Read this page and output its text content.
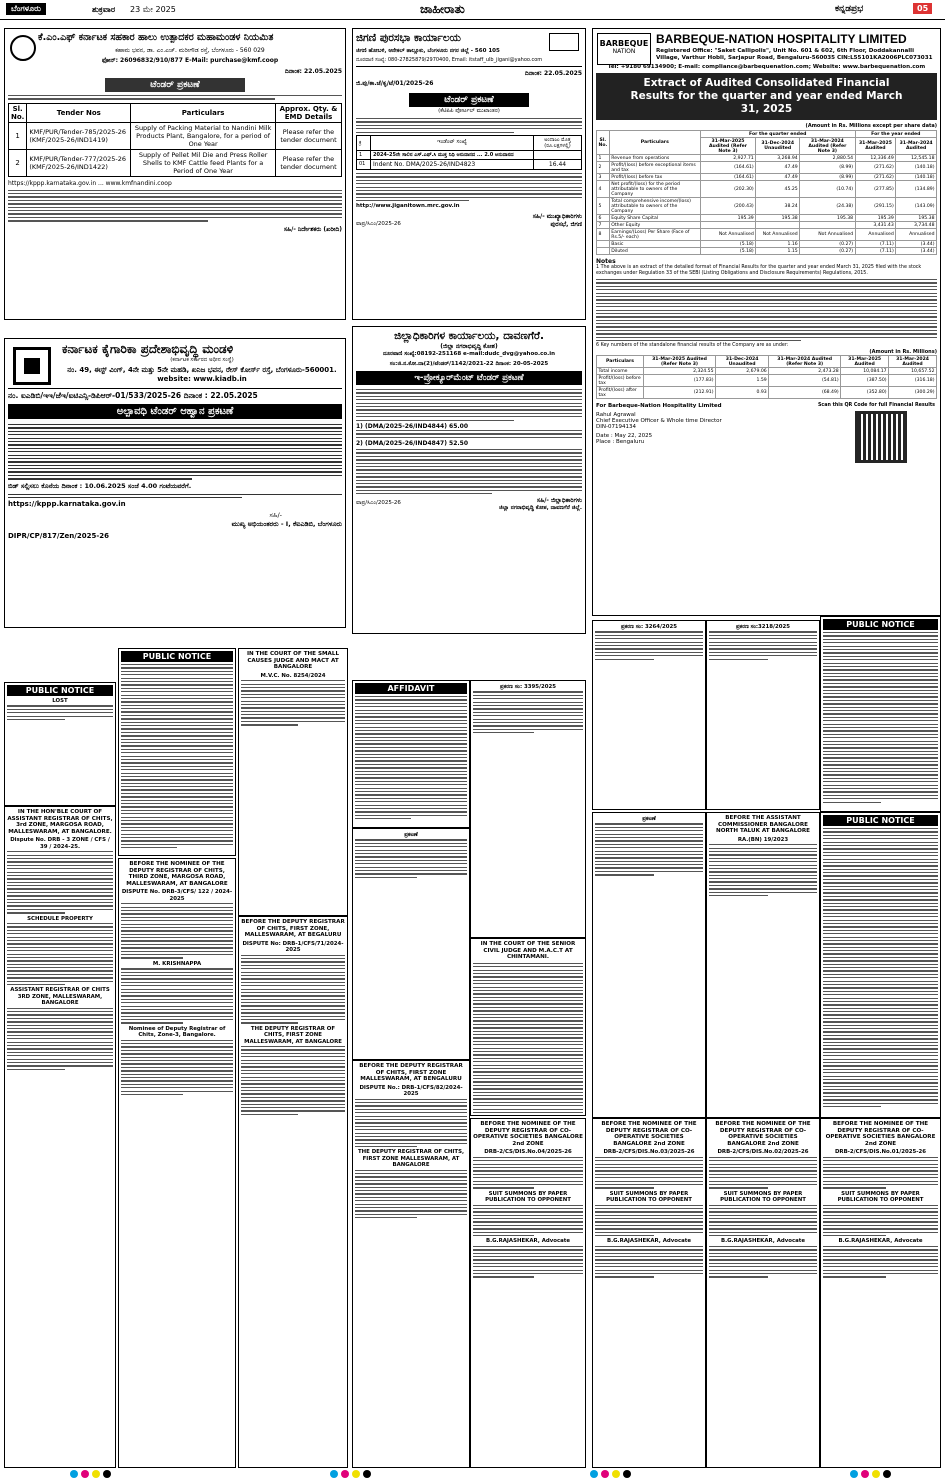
ಬೆಂಗಳೂರು	ಶುಕ್ರವಾರ 23 ಮೇ 2025	ಜಾಹೀರಾತು	ಕನ್ನಡಪ್ರಭ	05
ಕೆ.ಎಂ.ಎಫ್ ಕರ್ನಾಟಕ ಸಹಕಾರ ಹಾಲು ಉತ್ಪಾದಕರ ಮಹಾಮಂಡಳ ನಿಯಮಿತ
ಕಹಾಮ ಭವನ, ಡಾ. ಎಂ.ಎಚ್. ಮರೀಗೌಡ ರಸ್ತೆ, ಬೆಂಗಳೂರು - 560 029
ಫೋನ್: 26096832/910/877 E-Mail: purchase@kmf.coop
ದಿನಾಂಕ: 22.05.2025
ಟೆಂಡರ್ ಪ್ರಕಟಣೆ
Sl. No.	Tender Nos	Particulars	Approx. Qty. & EMD Details
1	KMF/PUR/Tender-785/2025-26 (KMF/2025-26/IND1419)	Supply of Packing Material to Nandini Milk Products Plant, Bangalore, for a period of One Year	Please refer the tender document
2	KMF/PUR/Tender-777/2025-26 (KMF/2025-26/IND1422)	Supply of Pellet Mil Die and Press Roller Shells to KMF Cattle feed Plants for a Period of One Year	Please refer the tender document
https://kppp.karnataka.gov.in ... www.kmfnandini.coop
ಸಹಿ/- ನಿರ್ದೇಶಕರು (ಖರೀದಿ)
ಜಿಗಣಿ ಪುರಸಭಾ ಕಾರ್ಯಾಲಯ
ಜಿಗಣಿ ಹೋಬಳಿ, ಆನೇಕಲ್ ತಾಲ್ಲೂಕು, ಬೆಂಗಳೂರು ನಗರ ಜಿಲ್ಲೆ - 560 105
ದೂರವಾಣಿ ಸಂಖ್ಯೆ: 080-27825879/2970400, Email: itstaff_ulb_jigani@yahoo.com
ಜಿ.ಪು/ಕಾ.ಜೆ/ಕೃ/ಟೆ/01/2025-26
ದಿನಾಂಕ: 22.05.2025
ಟೆಂಡರ್ ಪ್ರಕಟಣೆ
(ಕೆಟಿಪಿಪಿ ಪೋರ್ಟಲ್ ಮುಖಾಂತರ)
ಕ್ರ	ಇಂಡೆಂಟ್ ಸಂಖ್ಯೆ	ಅಂದಾಜು ಮೊತ್ತ (ರೂ.ಲಕ್ಷಗಳಲ್ಲಿ)
1	2024-25ನೇ ಸಾಲಿನ ಎಸ್.ಎಫ್.ಸಿ ಮುಕ್ತ ನಿಧಿ ಅನುದಾನದ ... 2.0 ಅನುದಾನದ	
01	Indent No. DMA/2025-26/IND4823	16.44
http://www.jiganitown.mrc.gov.in
ಸಹಿ/- ಮುಖ್ಯಾಧಿಕಾರಿಗಳು
ಪುರಸಭೆ, ಜಿಗಣಿ
ವಾಪ್ರ/ಸಿಎಂ/2025-26
BARBEQUE
NATION
BARBEQUE-NATION HOSPITALITY LIMITED
Registered Office: "Saket Callipolis", Unit No. 601 & 602, 6th Floor, Doddakannalli Village, Varthur Hobli, Sarjapur Road, Bengaluru-560035 CIN:L55101KA2006PLC073031
Tel: +9180 69134900; E-mail: compliance@barbequenation.com; Website: www.barbequenation.com
Extract of Audited Consolidated Financial Results for the quarter and year ended March 31, 2025
(Amount in Rs. Millions except per share data)
Sl. No.	Particulars	For the quarter ended			For the year ended	
		31-Mar-2025 Audited (Refer Note 3)	31-Dec-2024 Unaudited	31-Mar-2024 Audited (Refer Note 3)	31-Mar-2025 Audited	31-Mar-2024 Audited
1	Revenue from operations	2,927.71	3,268.94	2,880.54	12,336.49	12,545.18
2	Profit/(loss) before exceptional items and tax	(164.61)	47.49	(8.99)	(271.62)	(140.18)
3	Profit/(loss) before tax	(164.61)	47.49	(8.99)	(271.62)	(140.18)
4	Net profit/(loss) for the period attributable to owners of the Company	(202.30)	45.25	(10.74)	(277.85)	(134.89)
5	Total comprehensive income/(loss) attributable to owners of the Company	(200.43)	38.24	(24.38)	(291.15)	(143.09)
6	Equity Share Capital	195.39	195.38	195.38	195.39	195.38
7	Other Equity				3,431.43	3,734.48
8	Earnings/(Loss) Per Share (Face of Rs.5/- each)	Not Annualised	Not Annualised	Not Annualised	Annualised	Annualised
	Basic	(5.18)	1.16	(0.27)	(7.11)	(3.44)
	Diluted	(5.18)	1.15	(0.27)	(7.11)	(3.44)
Notes
1 The above is an extract of the detailed format of Financial Results for the quarter and year ended March 31, 2025 filed with the stock exchanges under Regulation 33 of the SEBI (Listing Obligations and Disclosure Requirements) Regulations, 2015.
6 Key numbers of the standalone financial results of the Company are as under:
(Amount in Rs. Millions)
Particulars	31-Mar-2025 Audited (Refer Note 3)	31-Dec-2024 Unaudited	31-Mar-2024 Audited (Refer Note 3)	31-Mar-2025 Audited	31-Mar-2024 Audited
Total income	2,324.55	2,679.06	2,473.28	10,084.17	10,657.52
Profit/(loss) before tax	(177.83)	1.59	(54.81)	(387.50)	(316.18)
Profit/(loss) after tax	(212.91)	0.93	(68.49)	(352.80)	(300.29)
For Barbeque-Nation Hospitality Limited
Rahul Agrawal
Chief Executive Officer & Whole time Director
DIN-07194134
Date : May 22, 2025
Place : Bengaluru
Scan this QR Code for full Financial Results
ಕರ್ನಾಟಕ ಕೈಗಾರಿಕಾ ಪ್ರದೇಶಾಭಿವೃದ್ಧಿ ಮಂಡಳಿ
(ಕರ್ನಾಟಕ ಸರ್ಕಾರದ ಅಧೀನ ಸಂಸ್ಥೆ)
ನಂ. 49, ಈಸ್ಟ್ ವಿಂಗ್, 4ನೇ ಮತ್ತು 5ನೇ ಮಹಡಿ, ಖನಿಜ ಭವನ, ರೇಸ್ ಕೋರ್ಸ್ ರಸ್ತೆ, ಬೆಂಗಳೂರು-560001. website: www.kiadb.in
ನಂ. ಐಎಡಿಬಿ/ಇಇ/ಜೆಇ/ಐಟಿಎನ್ಸಿ-ಡಿಪಿಆರ್-01/533/2025-26 ದಿನಾಂಕ : 22.05.2025
ಅಲ್ಪಾವಧಿ ಟೆಂಡರ್ ಆಹ್ವಾನ ಪ್ರಕಟಣೆ
ಬಿಡ್ ಸಲ್ಲಿಸಲು ಕೊನೆಯ ದಿನಾಂಕ : 10.06.2025 ಸಂಜೆ 4.00 ಗಂಟೆಯವರೆಗೆ.
https://kppp.karnataka.gov.in
ಸಹಿ/-
ಮುಖ್ಯ ಅಭಿಯಂತರರು - I, ಕೆಐಎಡಿಬಿ, ಬೆಂಗಳೂರು
DIPR/CP/817/Zen/2025-26
ಜಿಲ್ಲಾಧಿಕಾರಿಗಳ ಕಾರ್ಯಾಲಯ, ದಾವಣಗೆರೆ.
(ಜಿಲ್ಲಾ ನಗರಾಭಿವೃದ್ಧಿ ಕೋಶ)
ದೂರವಾಣಿ ಸಂಖ್ಯೆ:08192-251168 e-mail:dudc_dvg@yahoo.co.in
ಸಂ:ಜಿ.ನ.ಕೋ.ದಾ(2)/ಟೆಂಡರ್/1142/2021-22 ದಿನಾಂಕ: 20-05-2025
ಇ-ಪ್ರೋಕ್ಯೂರ್‌ಮೆಂಟ್ ಟೆಂಡರ್ ಪ್ರಕಟಣೆ
1) (DMA/2025-26/IND4844) 65.00
2) (DMA/2025-26/IND4847) 52.50
ಸಹಿ/- ಜಿಲ್ಲಾಧಿಕಾರಿಗಳು
ಜಿಲ್ಲಾ ನಗರಾಭಿವೃದ್ಧಿ ಕೋಶ, ದಾವಣಗೆರೆ ಜಿಲ್ಲೆ.
ವಾಪ್ರ/ಸಿಎಂ/2025-26
PUBLIC NOTICE
LOST
IN THE HON'BLE COURT OF ASSISTANT REGISTRAR OF CHITS, 3rd ZONE, MARGOSA ROAD, MALLESWARAM, AT BANGALORE.
Dispute No. DRB - 3 ZONE / CFS / 39 / 2024-25.
SCHEDULE PROPERTY
ASSISTANT REGISTRAR OF CHITS 3RD ZONE, MALLESWARAM, BANGALORE
PUBLIC NOTICE
BEFORE THE NOMINEE OF THE DEPUTY REGISTRAR OF CHITS, THIRD ZONE, MARGOSA ROAD, MALLESWARAM, AT BANGALORE
DISPUTE No. DRB-3/CFS/ 122 / 2024-2025
M. KRISHNAPPA
Nominee of Deputy Registrar of Chits, Zone-3, Bangalore.
IN THE COURT OF THE SMALL CAUSES JUDGE AND MACT AT BANGALORE
M.V.C. No. 8254/2024
BEFORE THE DEPUTY REGISTRAR OF CHITS, FIRST ZONE, MALLESWARAM, AT BEGALURU
DISPUTE No: DRB-1/CFS/71/2024-2025
THE DEPUTY REGISTRAR OF CHITS, FIRST ZONE MALLESWARAM, AT BANGALORE
AFFIDAVIT
ಪ್ರಕಟಣೆ
BEFORE THE DEPUTY REGISTRAR OF CHITS, FIRST ZONE MALLESWARAM, AT BENGALURU
DISPUTE No.: DRB-1/CFS/82/2024-2025
THE DEPUTY REGISTRAR OF CHITS, FIRST ZONE MALLESWARAM, AT BANGALORE
ಪ್ರಕರಣ ಸಂ: 3395/2025
IN THE COURT OF THE SENIOR CIVIL JUDGE AND M.A.C.T AT CHINTAMANI.
BEFORE THE NOMINEE OF THE DEPUTY REGISTRAR OF CO-OPERATIVE SOCIETIES BANGALORE 2nd ZONE
DRB-2/CS/DIS.No.04/2025-26
SUIT SUMMONS BY PAPER PUBLICATION TO OPPONENT
B.G.RAJASHEKAR, Advocate
ಪ್ರಕರಣ ಸಂ: 3264/2025	ಪ್ರಕರಣ ಸಂ:3218/2025	PUBLIC NOTICE
ಪ್ರಕಟಣೆ	BEFORE THE ASSISTANT COMMISSIONER BANGALORE NORTH TALUK AT BANGALORE
RA.(BN) 19/2023
PUBLIC NOTICE
BEFORE THE NOMINEE OF THE DEPUTY REGISTRAR OF CO-OPERATIVE SOCIETIES BANGALORE 2nd ZONE
DRB-2/CFS/DIS.No.03/2025-26
SUIT SUMMONS BY PAPER PUBLICATION TO OPPONENT
B.G.RAJASHEKAR, Advocate
BEFORE THE NOMINEE OF THE DEPUTY REGISTRAR OF CO-OPERATIVE SOCIETIES BANGALORE 2nd ZONE
DRB-2/CFS/DIS.No.02/2025-26
SUIT SUMMONS BY PAPER PUBLICATION TO OPPONENT
B.G.RAJASHEKAR, Advocate
BEFORE THE NOMINEE OF THE DEPUTY REGISTRAR OF CO-OPERATIVE SOCIETIES BANGALORE 2nd ZONE
DRB-2/CFS/DIS.No.01/2025-26
SUIT SUMMONS BY PAPER PUBLICATION TO OPPONENT
B.G.RAJASHEKAR, Advocate
